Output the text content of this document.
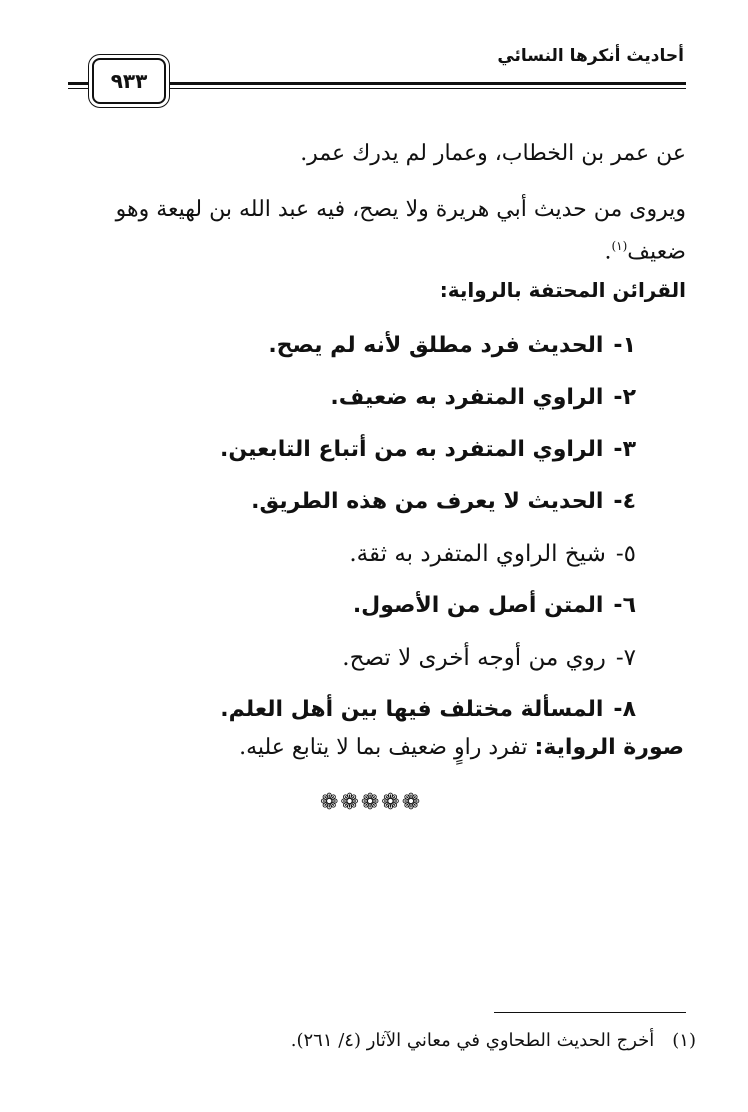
أحاديث أنكرها النسائي
٩٣٣
عن عمر بن الخطاب، وعمار لم يدرك عمر.
ويروى من حديث أبي هريرة ولا يصح، فيه عبد الله بن لهيعة وهو
ضعيف$^{(١)}$.
القرائن المحتفة بالرواية:
١-الحديث فرد مطلق لأنه لم يصح.
٢-الراوي المتفرد به ضعيف.
٣-الراوي المتفرد به من أتباع التابعين.
٤-الحديث لا يعرف من هذه الطريق.
٥-شيخ الراوي المتفرد به ثقة.
٦-المتن أصل من الأصول.
٧-روي من أوجه أخرى لا تصح.
٨-المسألة مختلف فيها بين أهل العلم.
صورة الرواية: تفرد راوٍ ضعيف بما لا يتابع عليه.
❁❁❁❁❁
(١)أخرج الحديث الطحاوي في معاني الآثار (٤/ ٢٦١).
